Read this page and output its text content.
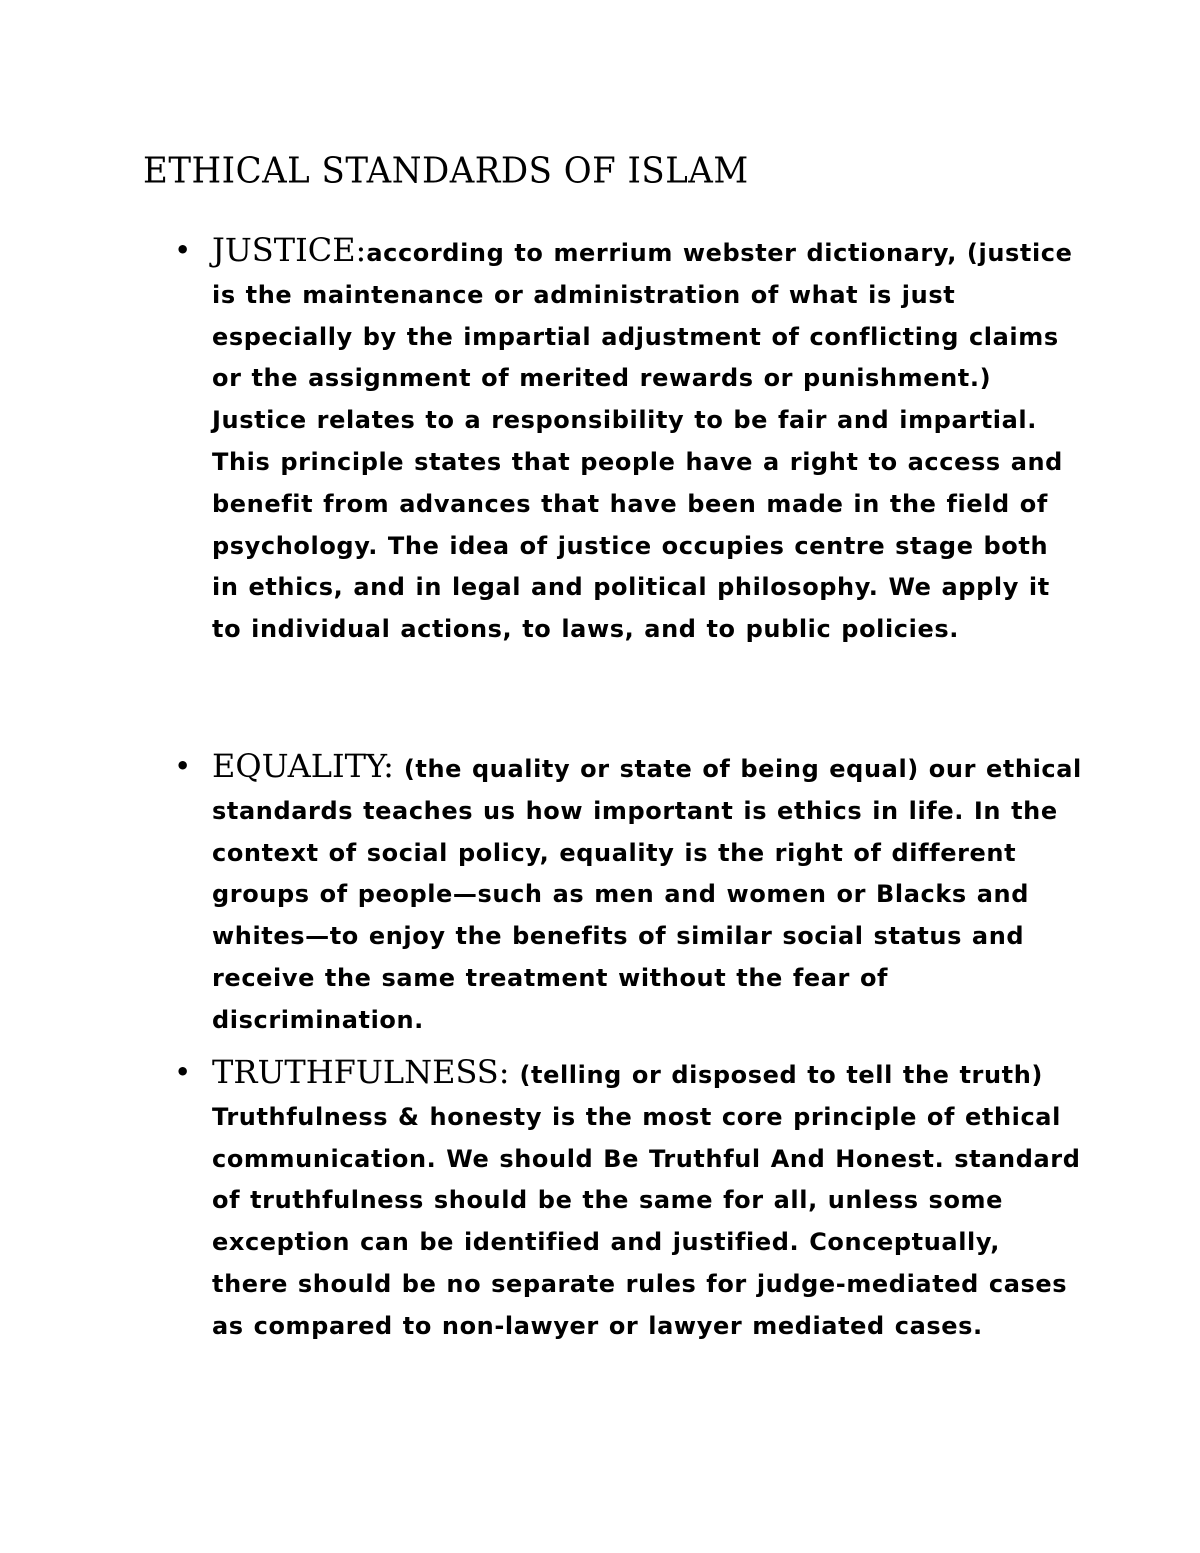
ETHICAL STANDARDS OF ISLAM

• JUSTICE:according to merrium webster dictionary, (justice is the maintenance or administration of what is just especially by the impartial adjustment of conflicting claims or the assignment of merited rewards or punishment.) Justice relates to a responsibility to be fair and impartial. This principle states that people have a right to access and benefit from advances that have been made in the field of psychology. The idea of justice occupies centre stage both in ethics, and in legal and political philosophy. We apply it to individual actions, to laws, and to public policies.

• EQUALITY: (the quality or state of being equal) our ethical standards teaches us how important is ethics in life. In the context of social policy, equality is the right of different groups of people—such as men and women or Blacks and whites—to enjoy the benefits of similar social status and receive the same treatment without the fear of discrimination.

• TRUTHFULNESS: (telling or disposed to tell the truth) Truthfulness & honesty is the most core principle of ethical communication. We should Be Truthful And Honest. standard of truthfulness should be the same for all, unless some exception can be identified and justified. Conceptually, there should be no separate rules for judge-mediated cases as compared to non-lawyer or lawyer mediated cases.
